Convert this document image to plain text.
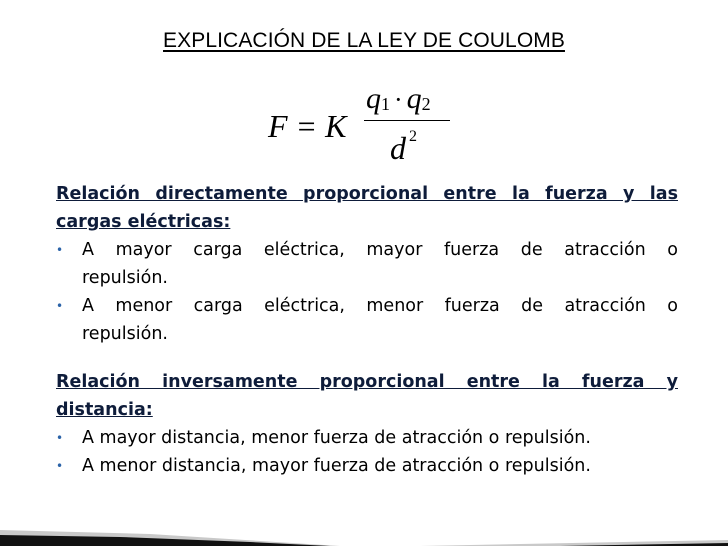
EXPLICACIÓN DE LA LEY DE COULOMB
F = K
$q_1 \cdot q_2$
d $^2$
Relación directamente proporcional entre la fuerza y las
cargas eléctricas:
• A mayor carga eléctrica, mayor fuerza de atracción o
repulsión.
• A menor carga eléctrica, menor fuerza de atracción o
repulsión.
Relación inversamente proporcional entre la fuerza y
distancia:
• A mayor distancia, menor fuerza de atracción o repulsión.
• A menor distancia, mayor fuerza de atracción o repulsión.
